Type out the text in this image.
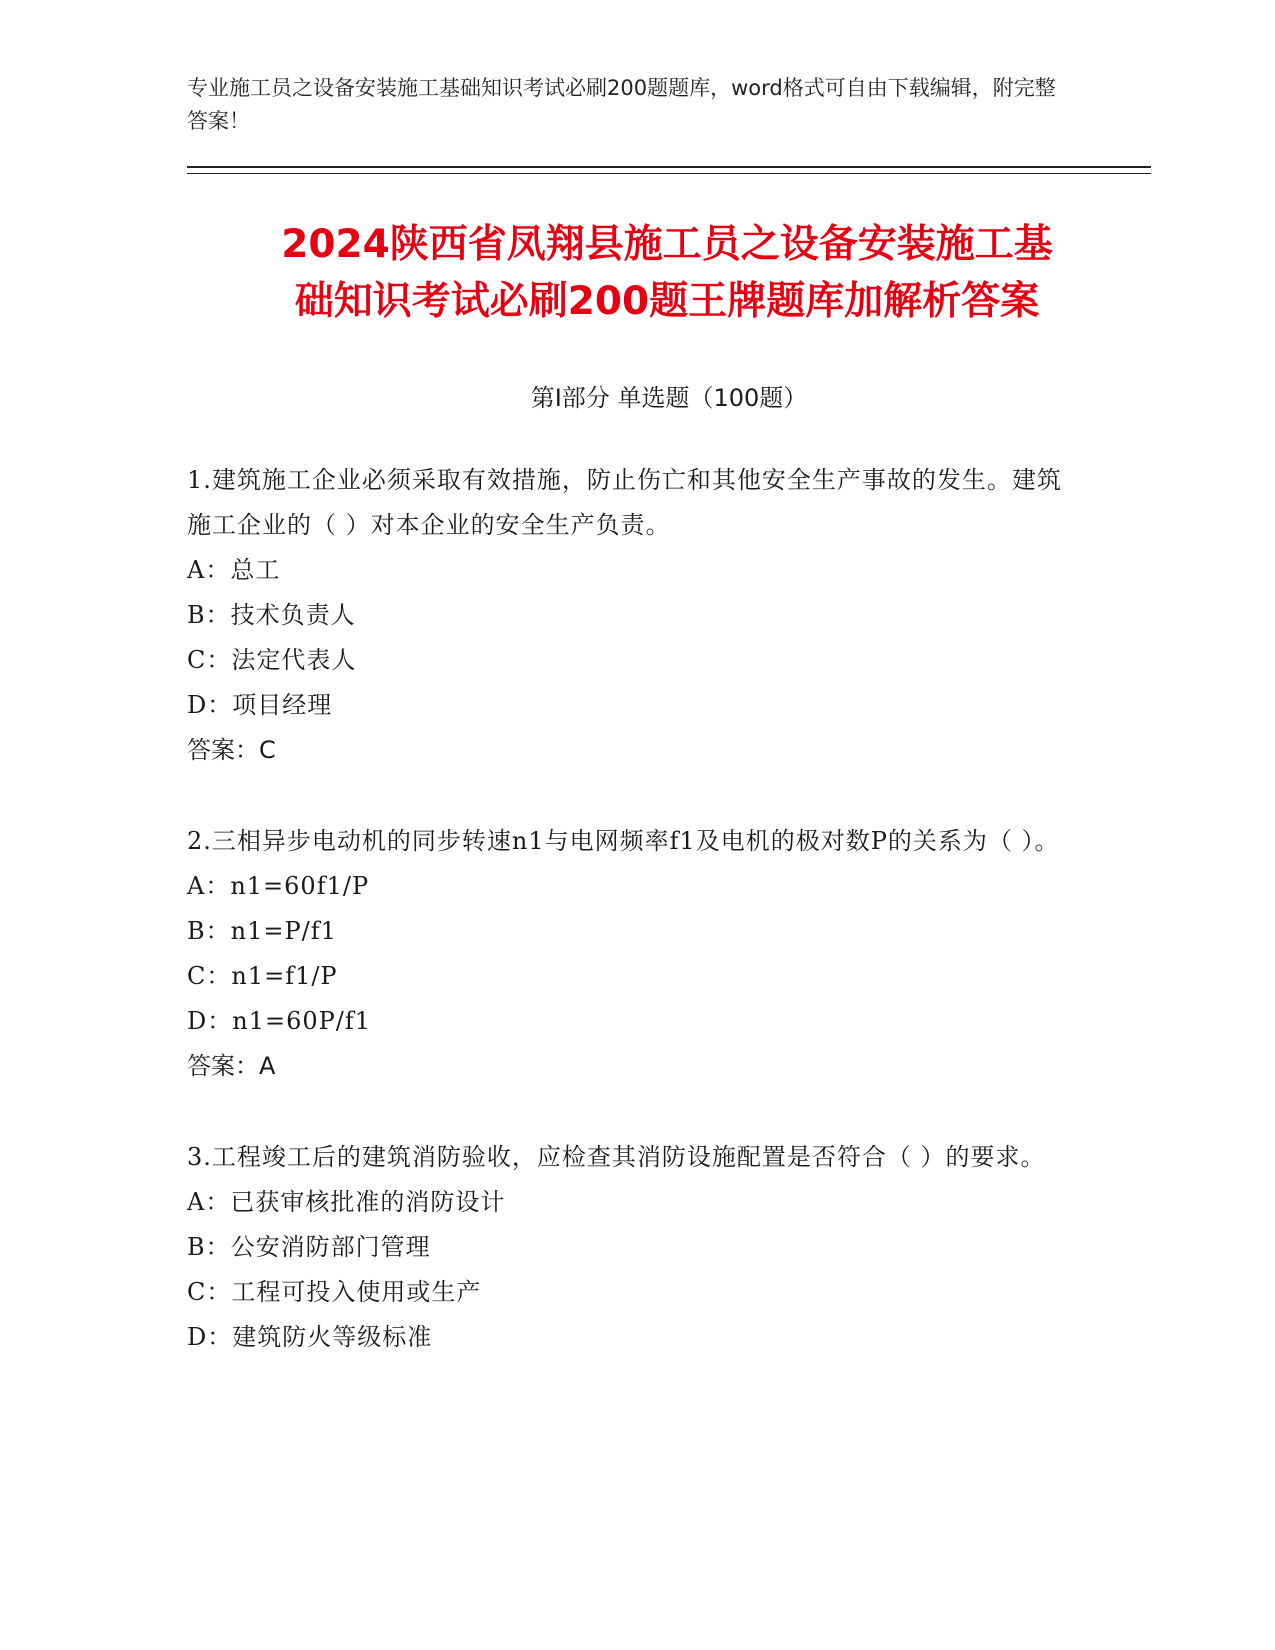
专业施工员之设备安装施工基础知识考试必刷200题题库，word格式可自由下载编辑，附完整答案！
2024陕西省凤翔县施工员之设备安装施工基
础知识考试必刷200题王牌题库加解析答案
第Ⅰ部分 单选题（100题）
1.建筑施工企业必须采取有效措施，防止伤亡和其他安全生产事故的发生。建筑施工企业的（ ）对本企业的安全生产负责。
A：总工
B：技术负责人
C：法定代表人
D：项目经理
答案：C
2.三相异步电动机的同步转速n1与电网频率f1及电机的极对数P的关系为（ ）。
A：n1=60f1/P
B：n1=P/f1
C：n1=f1/P
D：n1=60P/f1
答案：A
3.工程竣工后的建筑消防验收，应检查其消防设施配置是否符合（ ）的要求。
A：已获审核批准的消防设计
B：公安消防部门管理
C：工程可投入使用或生产
D：建筑防火等级标准
